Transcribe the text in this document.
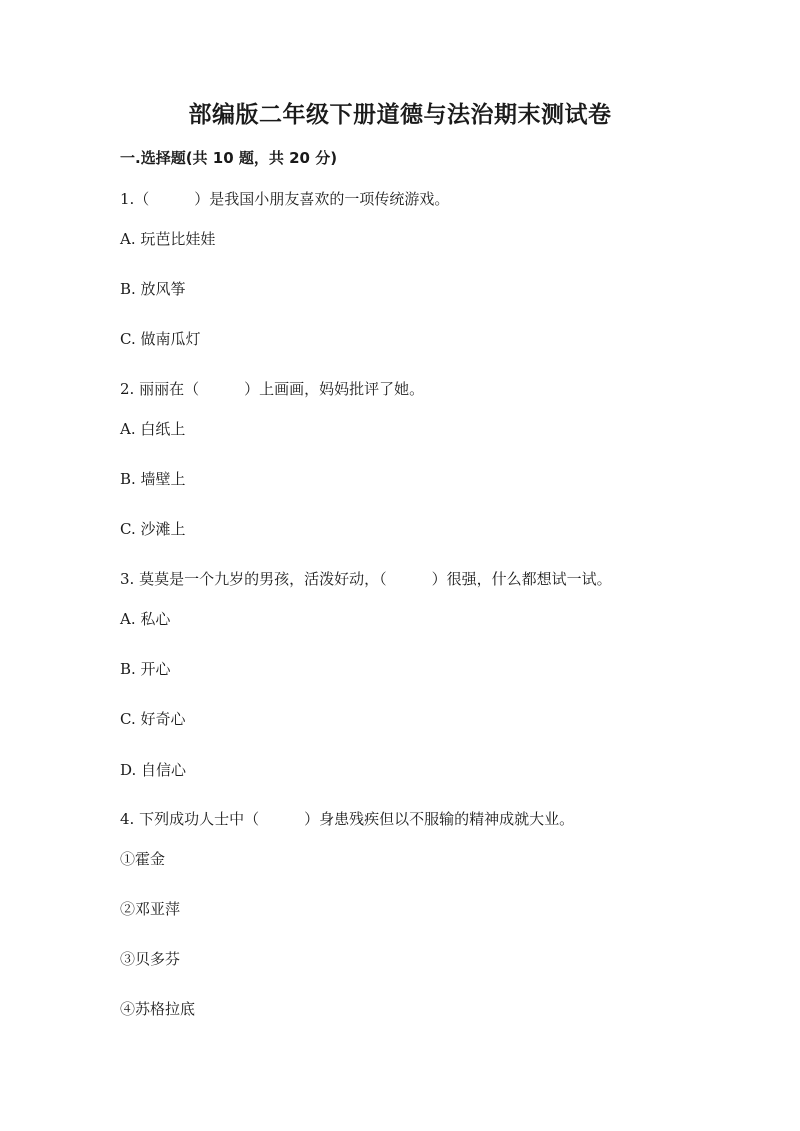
部编版二年级下册道德与法治期末测试卷
一.选择题(共 10 题，共 20 分)
1.（　　　）是我国小朋友喜欢的一项传统游戏。
A. 玩芭比娃娃
B. 放风筝
C. 做南瓜灯
2. 丽丽在（　　　）上画画，妈妈批评了她。
A. 白纸上
B. 墙壁上
C. 沙滩上
3. 莫莫是一个九岁的男孩，活泼好动，（　　　）很强，什么都想试一试。
A. 私心
B. 开心
C. 好奇心
D. 自信心
4. 下列成功人士中（　　　）身患残疾但以不服输的精神成就大业。
①霍金
②邓亚萍
③贝多芬
④苏格拉底
